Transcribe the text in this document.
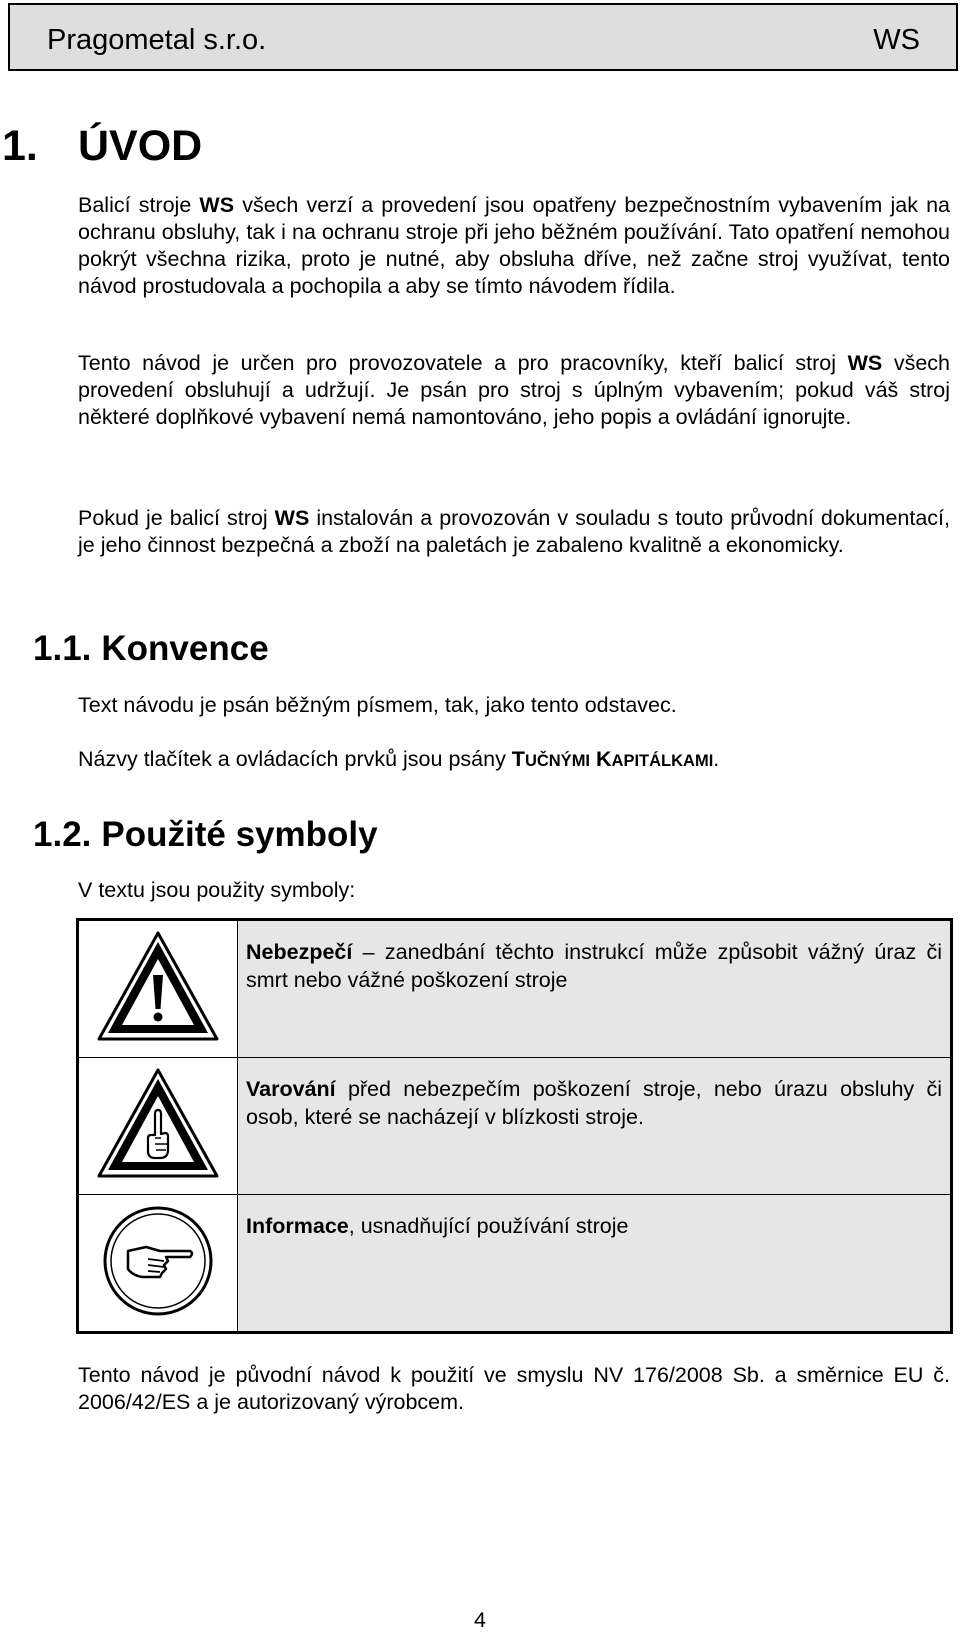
Pragometal s.r.o.	WS
1. ÚVOD
Balicí stroje WS všech verzí a provedení jsou opatřeny bezpečnostním vybavením jak na ochranu obsluhy, tak i na ochranu stroje při jeho běžném používání. Tato opatření nemohou pokrýt všechna rizika, proto je nutné, aby obsluha dříve, než začne stroj využívat, tento návod prostudovala a pochopila a aby se tímto návodem řídila.
Tento návod je určen pro provozovatele a pro pracovníky, kteří balicí stroj WS všech provedení obsluhují a udržují. Je psán pro stroj s úplným vybavením; pokud váš stroj některé doplňkové vybavení nemá namontováno, jeho popis a ovládání ignorujte.
Pokud je balicí stroj WS instalován a provozován v souladu s touto průvodní dokumentací, je jeho činnost bezpečná a zboží na paletách je zabaleno kvalitně a ekonomicky.
1.1. Konvence
Text návodu je psán běžným písmem, tak, jako tento odstavec.
Názvy tlačítek a ovládacích prvků jsou psány TUČNÝMI KAPITÁLKAMI.
1.2. Použité symboly
V textu jsou použity symboly:
	Nebezpečí – zanedbání těchto instrukcí může způsobit vážný úraz či smrt nebo vážné poškození stroje
	Varování před nebezpečím poškození stroje, nebo úrazu obsluhy či osob, které se nacházejí v blízkosti stroje.
	Informace, usnadňující používání stroje
Tento návod je původní návod k použití ve smyslu NV 176/2008 Sb. a směrnice EU č. 2006/42/ES a je autorizovaný výrobcem.
4
